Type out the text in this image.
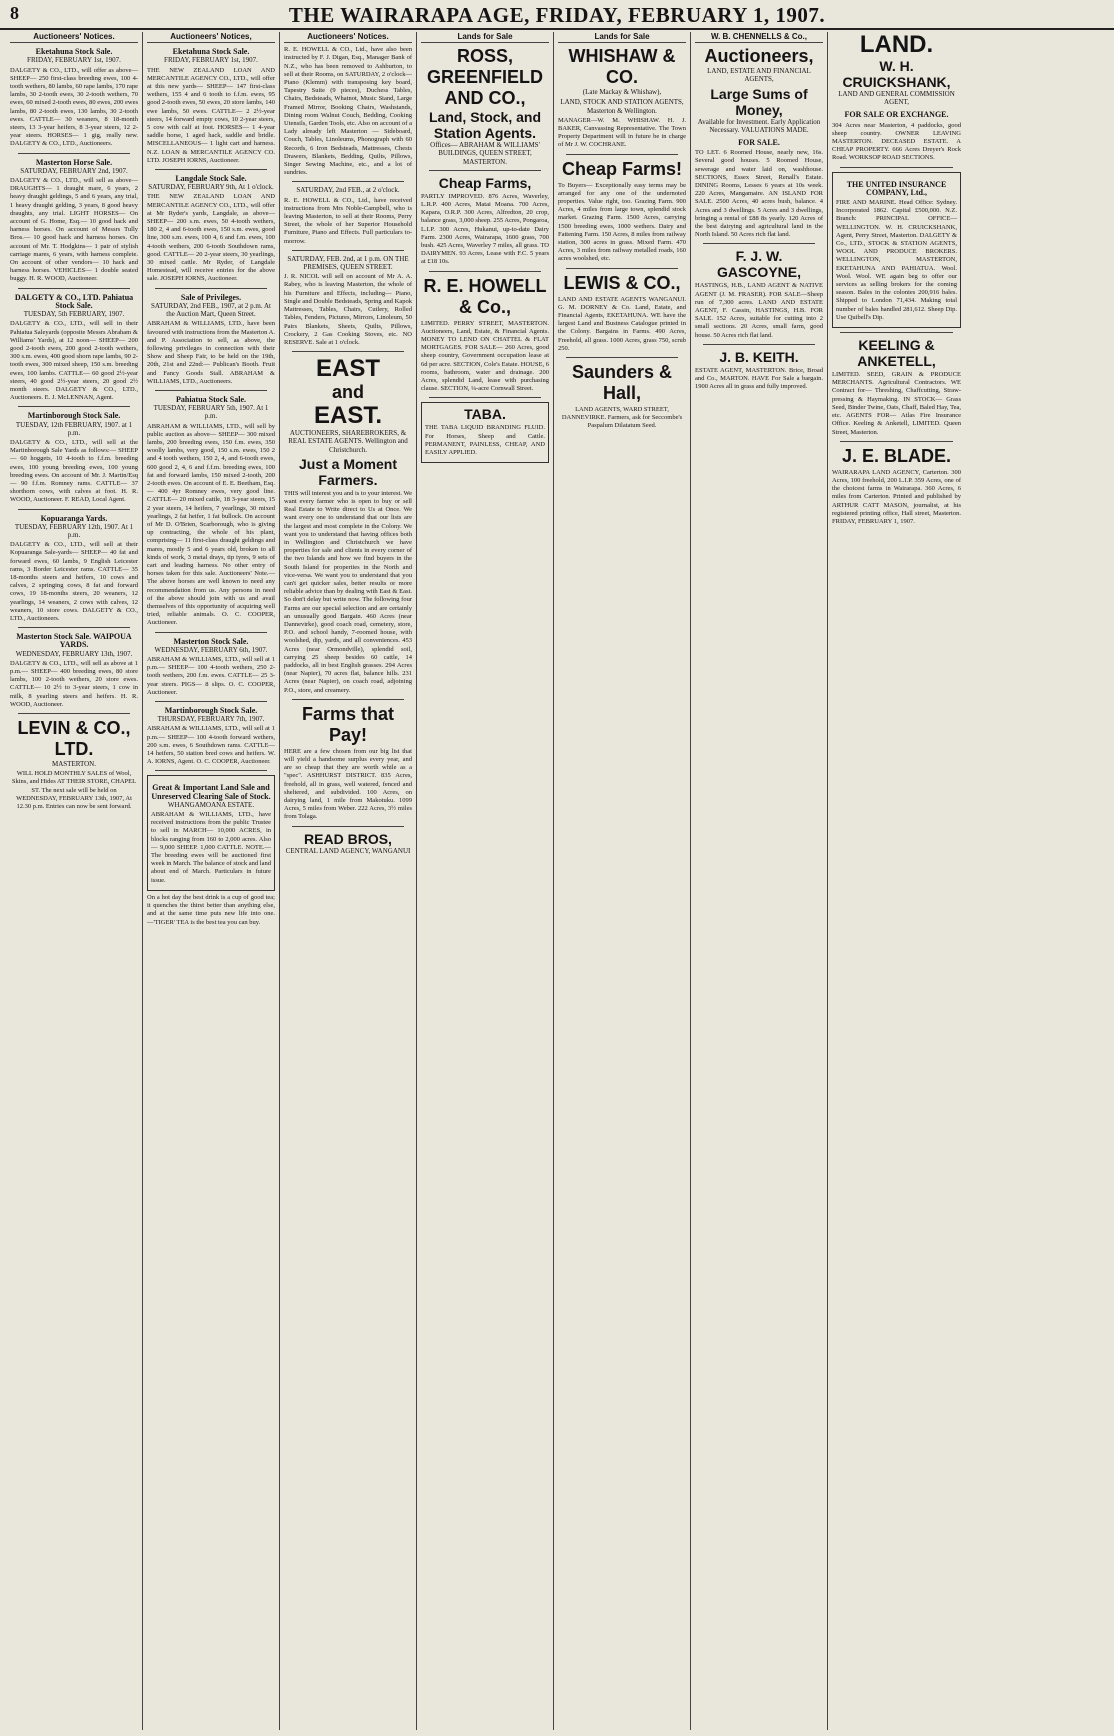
8	THE WAIRARAPA AGE, FRIDAY, FEBRUARY 1, 1907.
Auctioneers' Notices.
Eketahuna Stock Sale.
FRIDAY, FEBRUARY 1st, 1907.
DALGETY & CO., LTD., will offer as above— SHEEP— 250 first-class breeding ewes, 100 4-tooth wethers, 80 lambs, 60 rape lambs, 170 rape lambs, 30 2-tooth ewes, 30 2-tooth wethers, 70 ewes, 60 mixed 2-tooth ewes, 80 ewes, 200 ewes lambs, 80 2-tooth ewes, 130 lambs, 30 2-tooth ewes. CATTLE— 30 weaners, 8 18-month steers, 13 3-year heifers, 8 3-year steers, 12 2-year steers. HORSES— 1 gig, really new. DALGETY & CO., LTD., Auctioneers.
Masterton Horse Sale.
SATURDAY, FEBRUARY 2nd, 1907.
DALGETY & CO., LTD., will sell as above— DRAUGHTS— 1 draught mare, 6 years, 2 heavy draught geldings, 5 and 6 years, any trial, 1 heavy draught gelding, 3 years, 8 good heavy draughts, any trial. LIGHT HORSES— On account of G. Home, Esq.— 10 good hack and harness horses. On account of Messrs Tully Bros.— 10 good hack and harness horses. On account of Mr. T. Hodgkins— 1 pair of stylish carriage mares, 6 years, with harness complete. On account of other vendors— 10 hack and harness horses. VEHICLES— 1 double seated buggy. H. R. WOOD, Auctioneer.
DALGETY & CO., LTD. Pahiatua Stock Sale.
TUESDAY, 5th FEBRUARY, 1907.
DALGETY & CO., LTD., will sell in their Pahiatua Saleyards (opposite Messrs Abraham & Williams' Yards), at 12 noon— SHEEP— 200 good 2-tooth ewes, 200 good 2-tooth wethers, 300 s.m. ewes, 400 good shorn rape lambs, 90 2-tooth ewes, 300 mixed sheep, 150 s.m. breeding ewes, 100 lambs. CATTLE— 60 good 2½-year steers, 40 good 2½-year steers, 20 good 2½ month steers. DALGETY & CO., LTD., Auctioneers. E. J. McLENNAN, Agent.
Martinborough Stock Sale.
TUESDAY, 12th FEBRUARY, 1907. at 1 p.m.
DALGETY & CO., LTD., will sell at the Martinborough Sale Yards as follows:— SHEEP— 60 hoggets, 10 4-tooth to f.f.m. breeding ewes, 100 young breeding ewes, 100 young breeding ewes. On account of Mr. J. Martin/Esq— 90 f.f.m. Romney rams. CATTLE— 37 shorthorn cows, with calves at foot. H. R. WOOD, Auctioneer. F. READ, Local Agent.
Kopuaranga Yards.
TUESDAY, FEBRUARY 12th, 1907. At 1 p.m.
DALGETY & CO., LTD., will sell at their Kopuaranga Sale-yards— SHEEP— 40 fat and forward ewes, 60 lambs, 9 English Leicester rams, 3 Border Leicester rams. CATTLE— 35 18-months steers and heifers, 10 cows and calves, 2 springing cows, 8 fat and forward cows, 19 18-months steers, 20 weaners, 12 yearlings, 14 weaners, 2 cows with calves, 12 weaners, 10 store cows. DALGETY & CO., LTD., Auctioneers.
Masterton Stock Sale. WAIPOUA YARDS.
WEDNESDAY, FEBRUARY 13th, 1907.
DALGETY & CO., LTD., will sell as above at 1 p.m.— SHEEP— 400 breeding ewes, 80 store lambs, 100 2-tooth wethers, 20 store ewes. CATTLE— 10 2½ to 3-year steers, 1 cow in milk, 8 yearling steers and heifers. H. R. WOOD, Auctioneer.
LEVIN & CO., LTD.
MASTERTON.
WILL HOLD MONTHLY SALES of Wool, Skins, and Hides AT THEIR STORE, CHAPEL ST. The next sale will be held on WEDNESDAY, FEBRUARY 13th, 1907, At 12.30 p.m. Entries can now be sent forward.
Auctioneers' Notices,
Eketahuna Stock Sale.
FRIDAY, FEBRUARY 1st, 1907.
THE NEW ZEALAND LOAN AND MERCANTILE AGENCY CO., LTD., will offer at this new yards— SHEEP— 147 first-class wethers, 155 4 and 6 tooth to f.f.m. ewes, 95 good 2-tooth ewes, 50 ewes, 20 store lambs, 140 ewe lambs, 50 ewes. CATTLE— 2 2½-year steers, 14 forward empty cows, 10 2-year steers, 5 cow with calf at foot. HORSES— 1 4-year saddle horse, 1 aged hack, saddle and bridle. MISCELLANEOUS— 1 light cart and harness. N.Z. LOAN & MERCANTILE AGENCY CO. LTD. JOSEPH IORNS, Auctioneer.
Langdale Stock Sale.
SATURDAY, FEBRUARY 9th, At 1 o'clock.
THE NEW ZEALAND LOAN AND MERCANTILE AGENCY CO., LTD., will offer at Mr Ryder's yards, Langdale, as above— SHEEP— 200 s.m. ewes, 50 4-tooth wethers, 180 2, 4 and 6-tooth ewes, 150 s.m. ewes, good line, 300 s.m. ewes, 100 4, 6 and f.m. ewes, 100 4-tooth wethers, 200 6-tooth Southdown rams, good. CATTLE— 20 2-year steers, 30 yearlings, 30 mixed cattle. Mr Ryder, of Langdale Homestead, will receive entries for the above sale. JOSEPH IORNS, Auctioneer.
Sale of Privileges.
SATURDAY, 2nd FEB., 1907, at 2 p.m. At the Auction Mart, Queen Street.
ABRAHAM & WILLIAMS, LTD., have been favoured with instructions from the Masterton A. and P. Association to sell, as above, the following privileges in connection with their Show and Sheep Fair, to be held on the 19th, 20th, 21st and 22nd:— Publican's Booth. Fruit and Fancy Goods Stall. ABRAHAM & WILLIAMS, LTD., Auctioneers.
Pahiatua Stock Sale.
TUESDAY, FEBRUARY 5th, 1907. At 1 p.m.
ABRAHAM & WILLIAMS, LTD., will sell by public auction as above— SHEEP— 300 mixed lambs, 200 breeding ewes, 150 f.m. ewes, 350 woolly lambs, very good, 150 s.m. ewes, 150 2 and 4 tooth wethers, 150 2, 4, and 6-tooth ewes, 600 good 2, 4, 6 and f.f.m. breeding ewes, 100 fat and forward lambs, 150 mixed 2-tooth, 200 2-tooth ewes. On account of E. E. Beetham, Esq.— 400 4yr Romney ewes, very good line. CATTLE— 20 mixed cattle, 18 3-year steers, 15 2 year steers, 14 heifers, 7 yearlings, 30 mixed yearlings, 2 fat heifer, 1 fat bullock. On account of Mr D. O'Brien, Scarborough, who is giving up contracting, the whole of his plant, comprising— 11 first-class draught geldings and mares, mostly 5 and 6 years old, broken to all kinds of work, 3 metal drays, tip tyres, 9 sets of cart and leading harness. No other entry of horses taken for this sale. Auctioneers' Note.—The above horses are well known to need any recommendation from us. Any persons in need of the above should join with us and avail themselves of this opportunity of acquiring well tried, reliable animals. O. C. COOPER, Auctioneer.
Masterton Stock Sale.
WEDNESDAY, FEBRUARY 6th, 1907.
ABRAHAM & WILLIAMS, LTD., will sell at 1 p.m.— SHEEP— 100 4-tooth wethers, 250 2-tooth wethers, 200 f.m. ewes. CATTLE— 25 3-year steers. PIGS— 8 slips. O. C. COOPER, Auctioneer.
Martinborough Stock Sale.
THURSDAY, FEBRUARY 7th, 1907.
ABRAHAM & WILLIAMS, LTD., will sell at 1 p.m.— SHEEP— 100 4-tooth forward wethers, 200 s.m. ewes, 6 Southdown rams. CATTLE— 14 heifers, 50 station bred cows and heifers. W. A. IORNS, Agent. O. C. COOPER, Auctioneer.
Great & Important Land Sale and Unreserved Clearing Sale of Stock.
WHANGAMOANA ESTATE.
ABRAHAM & WILLIAMS, LTD., have received instructions from the public Trustee to sell in MARCH— 10,000 ACRES, in blocks ranging from 160 to 2,000 acres. Also— 9,000 SHEEP. 1,000 CATTLE. NOTE.—The breeding ewes will be auctioned first week in March. The balance of stock and land about end of March. Particulars in future issue.
On a hot day the best drink is a cup of good tea; it quenches the thirst better than anything else, and at the same time puts new life into one.—'TIGER' TEA is the best tea you can buy.
Auctioneers' Notices.
R. E. HOWELL & CO., Ltd., have also been instructed by F. J. Digan, Esq., Manager Bank of N.Z., who has been removed to Ashburton, to sell at their Rooms, on SATURDAY, 2 o'clock—Piano (Klemm) with transposing key board, Tapestry Suite (9 pieces), Duchess Tables, Chairs, Bedsteads, Whatnot, Music Stand, Large Framed Mirror, Booking Chairs, Washstands, Dining room Walnut Couch, Bedding, Cooking Utensils, Garden Tools, etc. Also on account of a Lady already left Masterton — Sideboard, Couch, Tables, Linoleums, Phonograph with 60 Records, 6 Iron Bedsteads, Mattresses, Chests Drawers, Blankets, Bedding, Quilts, Pillows, Singer Sewing Machine, etc., and a lot of sundries.
SATURDAY, 2nd FEB., at 2 o'clock.
R. E. HOWELL & CO., Ltd., have received instructions from Mrs Noble-Campbell, who is leaving Masterton, to sell at their Rooms, Perry Street, the whole of her Superior Household Furniture, Piano and Effects. Full particulars to-morrow.
SATURDAY, FEB. 2nd, at 1 p.m. ON THE PREMISES, QUEEN STREET.
J. R. NICOL will sell on account of Mr A. A. Rabey, who is leaving Masterton, the whole of his Furniture and Effects, including— Piano, Single and Double Bedsteads, Spring and Kapok Mattresses, Tables, Chairs, Cutlery, Rolled Tables, Fenders, Pictures, Mirrors, Linoleum, 50 Pairs Blankets, Sheets, Quilts, Pillows, Crockery, 2 Gas Cooking Stoves, etc. NO RESERVE. Sale at 1 o'clock.
EAST
and
EAST.
AUCTIONEERS, SHAREBROKERS, & REAL ESTATE AGENTS. Wellington and Christchurch.
Just a Moment Farmers.
THIS will interest you and is to your interest. We want every farmer who is open to buy or sell Real Estate to Write direct to Us at Once. We want every one to understand that our lists are the largest and most complete in the Colony. We want you to understand that having offices both in Wellington and Christchurch we have properties for sale and clients in every corner of the two Islands and how we find buyers in the South Island for properties in the North and vice-versa. We want you to understand that you can't get quicker sales, better results or more reliable advice than by dealing with East & East. So don't delay but write now. The following four Farms are our special selection and are certainly an unusually good Bargain. 460 Acres (near Dannevirke), good coach road, cemetery, store, P.O. and school handy, 7-roomed house, with woolshed, dip, yards, and all conveniences. 453 Acres (near Ormondville), splendid soil, carrying 25 sheep besides 60 cattle, 14 paddocks, all in best English grasses. 294 Acres (near Napier), 70 acres flat, balance hills. 231 Acres (near Napier), on coach road, adjoining P.O., store, and creamery.
Farms that Pay!
HERE are a few chosen from our big list that will yield a handsome surplus every year, and are so cheap that they are worth while as a "spec". ASHHURST DISTRICT. 835 Acres, freehold, all in grass, well watered, fenced and sheltered, and subdivided. 100 Acres, on dairying land, 1 mile from Makotuku. 1099 Acres, 5 miles from Weber. 222 Acres, 3½ miles from Tolaga.
READ BROS,
CENTRAL LAND AGENCY, WANGANUI
Lands for Sale
ROSS, GREENFIELD
AND CO.,
Land, Stock, and Station Agents.
Offices— ABRAHAM & WILLIAMS' BUILDINGS, QUEEN STREET, MASTERTON.
Cheap Farms,
PARTLY IMPROVED. 876 Acres, Waverley, L.R.P. 400 Acres, Matai Moana. 700 Acres, Kapara, O.R.P. 300 Acres, Alfredton, 20 crop, balance grass, 3,000 sheep. 255 Acres, Pongaroa, L.I.P. 300 Acres, Hukanui, up-to-date Dairy Farm. 2300 Acres, Wairarapa, 1600 grass, 700 bush. 425 Acres, Waverley 7 miles, all grass. TO DAIRYMEN. 93 Acres, Lease with F.C. 5 years at £18 10s.
R. E. HOWELL & Co.,
LIMITED. PERRY STREET, MASTERTON. Auctioneers, Land, Estate, & Financial Agents. MONEY TO LEND ON CHATTEL & FLAT MORTGAGES. FOR SALE— 260 Acres, good sheep country, Government occupation lease at 6d per acre. SECTION, Cole's Estate. HOUSE, 6 rooms, bathroom, water and drainage. 200 Acres, splendid Land, lease with purchasing clause. SECTION, ¼-acre Cornwall Street.
TABA.
THE TABA LIQUID BRANDING FLUID. For Horses, Sheep and Cattle. PERMANENT, PAINLESS, CHEAP, AND EASILY APPLIED.
Lands for Sale
WHISHAW & CO.
(Late Mackay & Whishaw),
LAND, STOCK AND STATION AGENTS, Masterton & Wellington.
MANAGER—W. M. WHISHAW. H. J. BAKER, Canvassing Representative. The Town Property Department will in future be in charge of Mr J. W. COCHRANE.
Cheap Farms!
To Buyers— Exceptionally easy terms may be arranged for any one of the undernoted properties. Value right, too. Grazing Farm. 900 Acres, 4 miles from large town, splendid stock market. Grazing Farm. 1500 Acres, carrying 1500 breeding ewes, 1000 wethers. Dairy and Fattening Farm. 150 Acres, 8 miles from railway station, 300 acres in grass. Mixed Farm. 470 Acres, 3 miles from railway metalled roads, 160 acres woolshed, etc.
LEWIS & CO.,
LAND AND ESTATE AGENTS WANGANUI. G. M. DORNEY & Co. Land, Estate, and Financial Agents, EKETAHUNA. WE have the largest Land and Business Catalogue printed in the Colony. Bargains in Farms. 490 Acres, Freehold, all grass. 1000 Acres, grass 750, scrub 250.
Saunders & Hall,
LAND AGENTS, WARD STREET, DANNEVIRKE. Farmers, ask for Seccombe's Paspalum Dilatatum Seed.
W. B. CHENNELLS & Co.,
Auctioneers,
LAND, ESTATE AND FINANCIAL AGENTS,
Large Sums of Money,
Available for Investment. Early Application Necessary. VALUATIONS MADE.
FOR SALE.
TO LET. 6 Roomed House, nearly new, 16s. Several good houses. 5 Roomed House, sewerage and water laid on, washhouse. SECTIONS, Essex Street, Renall's Estate. DINING Rooms, Lesses 6 years at 10s week. 220 Acres, Mangamaire. AN ISLAND FOR SALE. 2500 Acres, 40 acres bush, balance. 4 Acres and 3 dwellings. 5 Acres and 3 dwellings, bringing a rental of £88 8s yearly. 120 Acres of the best dairying and agricultural land in the North Island. 50 Acres rich flat land.
F. J. W. GASCOYNE,
HASTINGS, H.B., LAND AGENT & NATIVE AGENT (J. M. FRASER). FOR SALE—Sheep run of 7,300 acres. LAND AND ESTATE AGENT, F. Cassin, HASTINGS, H.B. FOR SALE. 152 Acres, suitable for cutting into 2 small sections. 20 Acres, small farm, good house. 50 Acres rich flat land.
J. B. KEITH.
ESTATE AGENT, MASTERTON. Brice, Broad and Co., MARTON. HAVE For Sale a bargain. 1900 Acres all in grass and fully improved.
LAND.
W. H. CRUICKSHANK,
LAND AND GENERAL COMMISSION AGENT,
FOR SALE OR EXCHANGE.
304 Acres near Masterton, 4 paddocks, good sheep country. OWNER LEAVING MASTERTON. DECEASED ESTATE. A CHEAP PROPERTY. 666 Acres Dreyer's Rock Road. WORKSOP ROAD SECTIONS.
THE UNITED INSURANCE COMPANY, Ltd.,
FIRE AND MARINE. Head Office: Sydney. Incorporated 1862. Capital £500,000. N.Z. Branch: PRINCIPAL OFFICE—WELLINGTON. W. H. CRUICKSHANK, Agent, Perry Street, Masterton. DALGETY & Co., LTD., STOCK & STATION AGENTS, WOOL AND PRODUCE BROKERS. WELLINGTON, MASTERTON, EKETAHUNA AND PAHIATUA. Wool. Wool. Wool. WE again beg to offer our services as selling brokers for the coming season. Bales in the colonies 200,916 bales. Shipped to London 71,434. Making total number of bales handled 281,612. Sheep Dip. Use Quibell's Dip.
KEELING & ANKETELL,
LIMITED. SEED, GRAIN & PRODUCE MERCHANTS. Agricultural Contractors. WE Contract for— Threshing, Chaffcutting, Straw-pressing & Haymaking. IN STOCK— Grass Seed, Binder Twine, Oats, Chaff, Baled Hay, Tea, etc. AGENTS FOR— Atlas Fire Insurance Office. Keeling & Anketell, LIMITED. Queen Street, Masterton.
J. E. BLADE.
WAIRARAPA LAND AGENCY, Carterton. 300 Acres, 100 freehold, 200 L.I.P. 359 Acres, one of the choicest farms in Wairarapa. 360 Acres, 6 miles from Carterton. Printed and published by ARTHUR CATT MASON, journalist, at his registered printing office, Hall street, Masterton. FRIDAY, FEBRUARY 1, 1907.
